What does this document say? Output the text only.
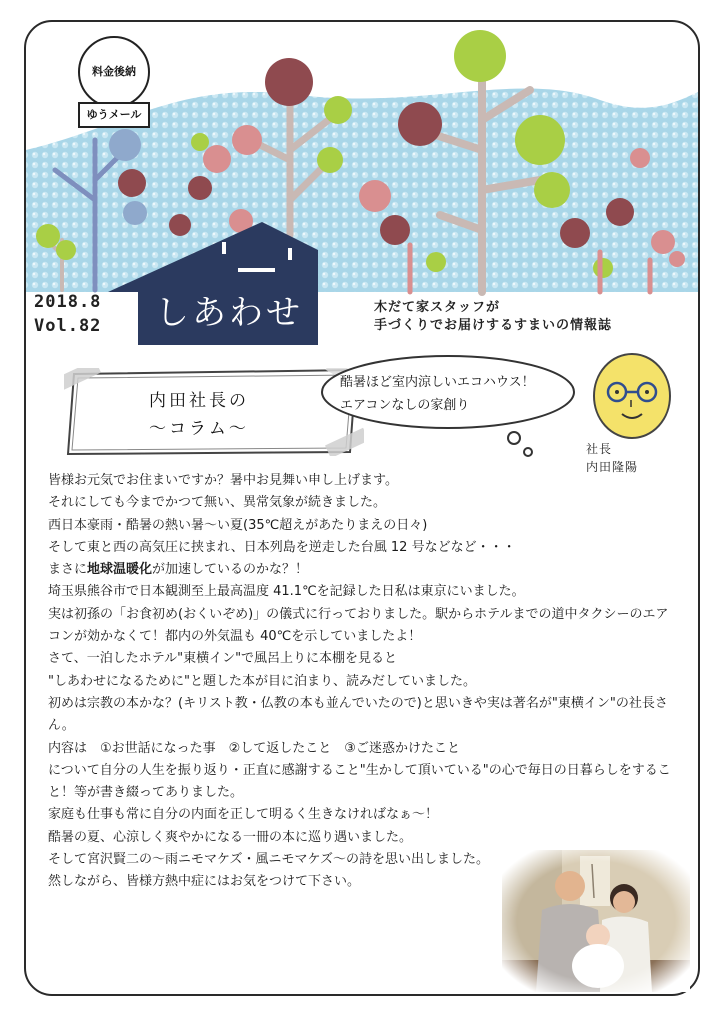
料金後納
ゆうメール
2018.8
Vol.82 しあわせ	木だて家スタッフが
手づくりでお届けするすまいの情報誌
内田社長の
～コラム～
酷暑ほど室内涼しいエコハウス！
エアコンなしの家創り
社長
内田隆陽

皆様お元気でお住まいですか？暑中お見舞い申し上げます。

それにしても今までかつて無い、異常気象が続きました。

西日本豪雨・酷暑の熱い暑～い夏(35℃超えがあたりまえの日々)

そして東と西の高気圧に挟まれ、日本列島を逆走した台風 12 号などなど・・・

まさに地球温暖化が加速しているのかな？！

埼玉県熊谷市で日本観測至上最高温度 41.1℃を記録した日私は東京にいました。

実は初孫の「お食初め(おくいぞめ)」の儀式に行っておりました。駅からホテルまでの道中タクシーのエアコンが効かなくて！都内の外気温も 40℃を示していましたよ！

さて、一泊したホテル"東横イン"で風呂上りに本棚を見ると

"しあわせになるために"と題した本が目に泊まり、読みだしていました。

初めは宗教の本かな？(キリスト教・仏教の本も並んでいたので)と思いきや実は著名が"東横イン"の社長さん。

内容は　①お世話になった事　②して返したこと　③ご迷惑かけたこと

について自分の人生を振り返り・正直に感謝すること"生かして頂いている"の心で毎日の日暮らしをすること！等が書き綴ってありました。

家庭も仕事も常に自分の内面を正して明るく生きなければなぁ～！

酷暑の夏、心涼しく爽やかになる一冊の本に巡り遇いました。

そして宮沢賢二の～雨ニモマケズ・風ニモマケズ～の詩を思い出しました。

然しながら、皆様方熱中症にはお気をつけて下さい。
